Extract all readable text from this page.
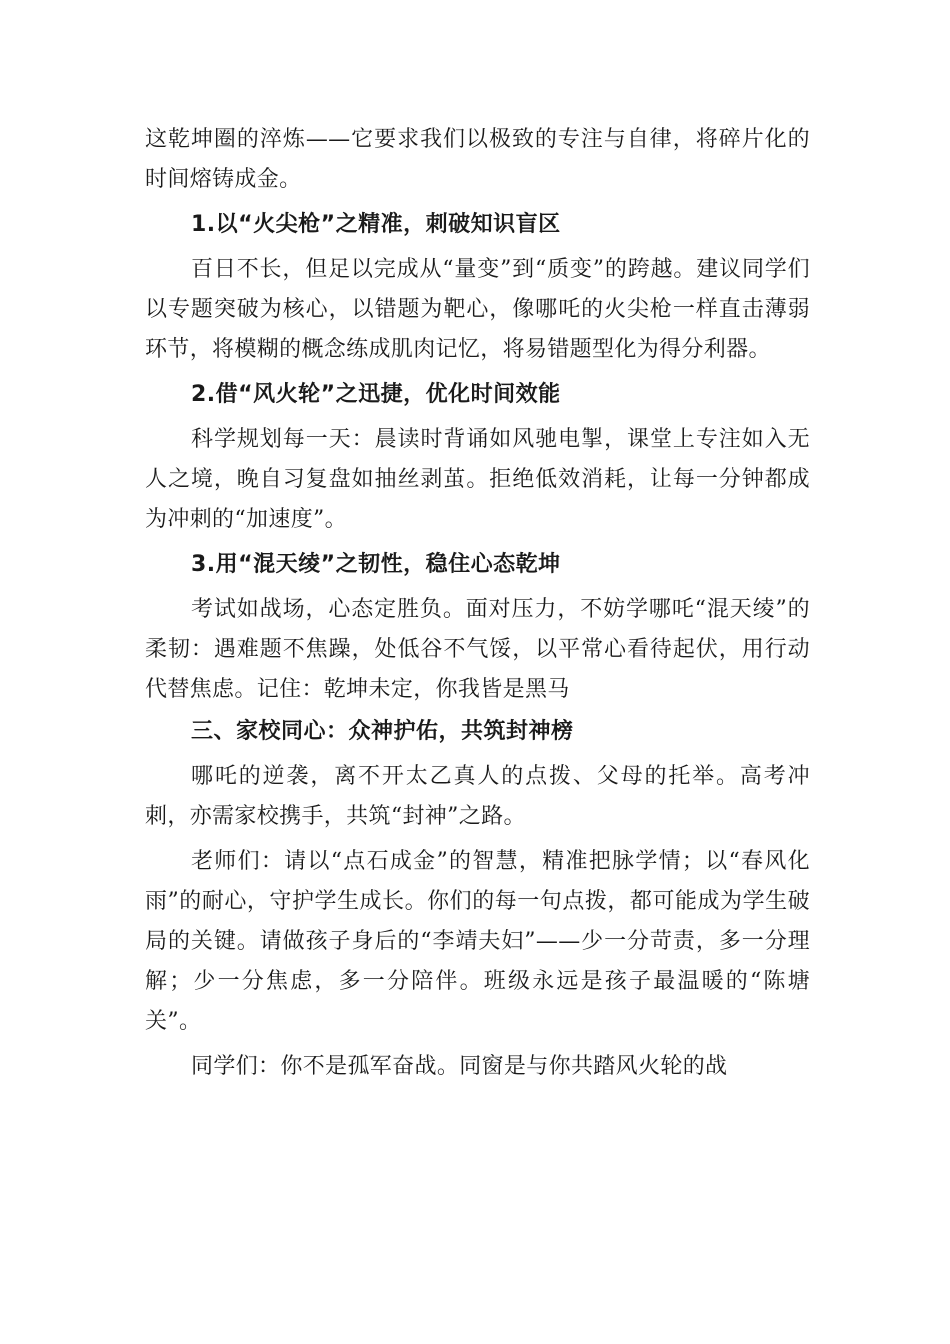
这乾坤圈的淬炼——它要求我们以极致的专注与自律，将碎片化的时间熔铸成金。

1.以“火尖枪”之精准，刺破知识盲区

百日不长，但足以完成从“量变”到“质变”的跨越。建议同学们以专题突破为核心，以错题为靶心，像哪吒的火尖枪一样直击薄弱环节，将模糊的概念练成肌肉记忆，将易错题型化为得分利器。

2.借“风火轮”之迅捷，优化时间效能

科学规划每一天：晨读时背诵如风驰电掣，课堂上专注如入无人之境，晚自习复盘如抽丝剥茧。拒绝低效消耗，让每一分钟都成为冲刺的“加速度”。

3.用“混天绫”之韧性，稳住心态乾坤

考试如战场，心态定胜负。面对压力，不妨学哪吒“混天绫”的柔韧：遇难题不焦躁，处低谷不气馁，以平常心看待起伏，用行动代替焦虑。记住：乾坤未定，你我皆是黑马

三、家校同心：众神护佑，共筑封神榜

哪吒的逆袭，离不开太乙真人的点拨、父母的托举。高考冲刺，亦需家校携手，共筑“封神”之路。

老师们：请以“点石成金”的智慧，精准把脉学情；以“春风化雨”的耐心，守护学生成长。你们的每一句点拨，都可能成为学生破局的关键。请做孩子身后的“李靖夫妇”——少一分苛责，多一分理解；少一分焦虑，多一分陪伴。班级永远是孩子最温暖的“陈塘关”。

同学们：你不是孤军奋战。同窗是与你共踏风火轮的战
